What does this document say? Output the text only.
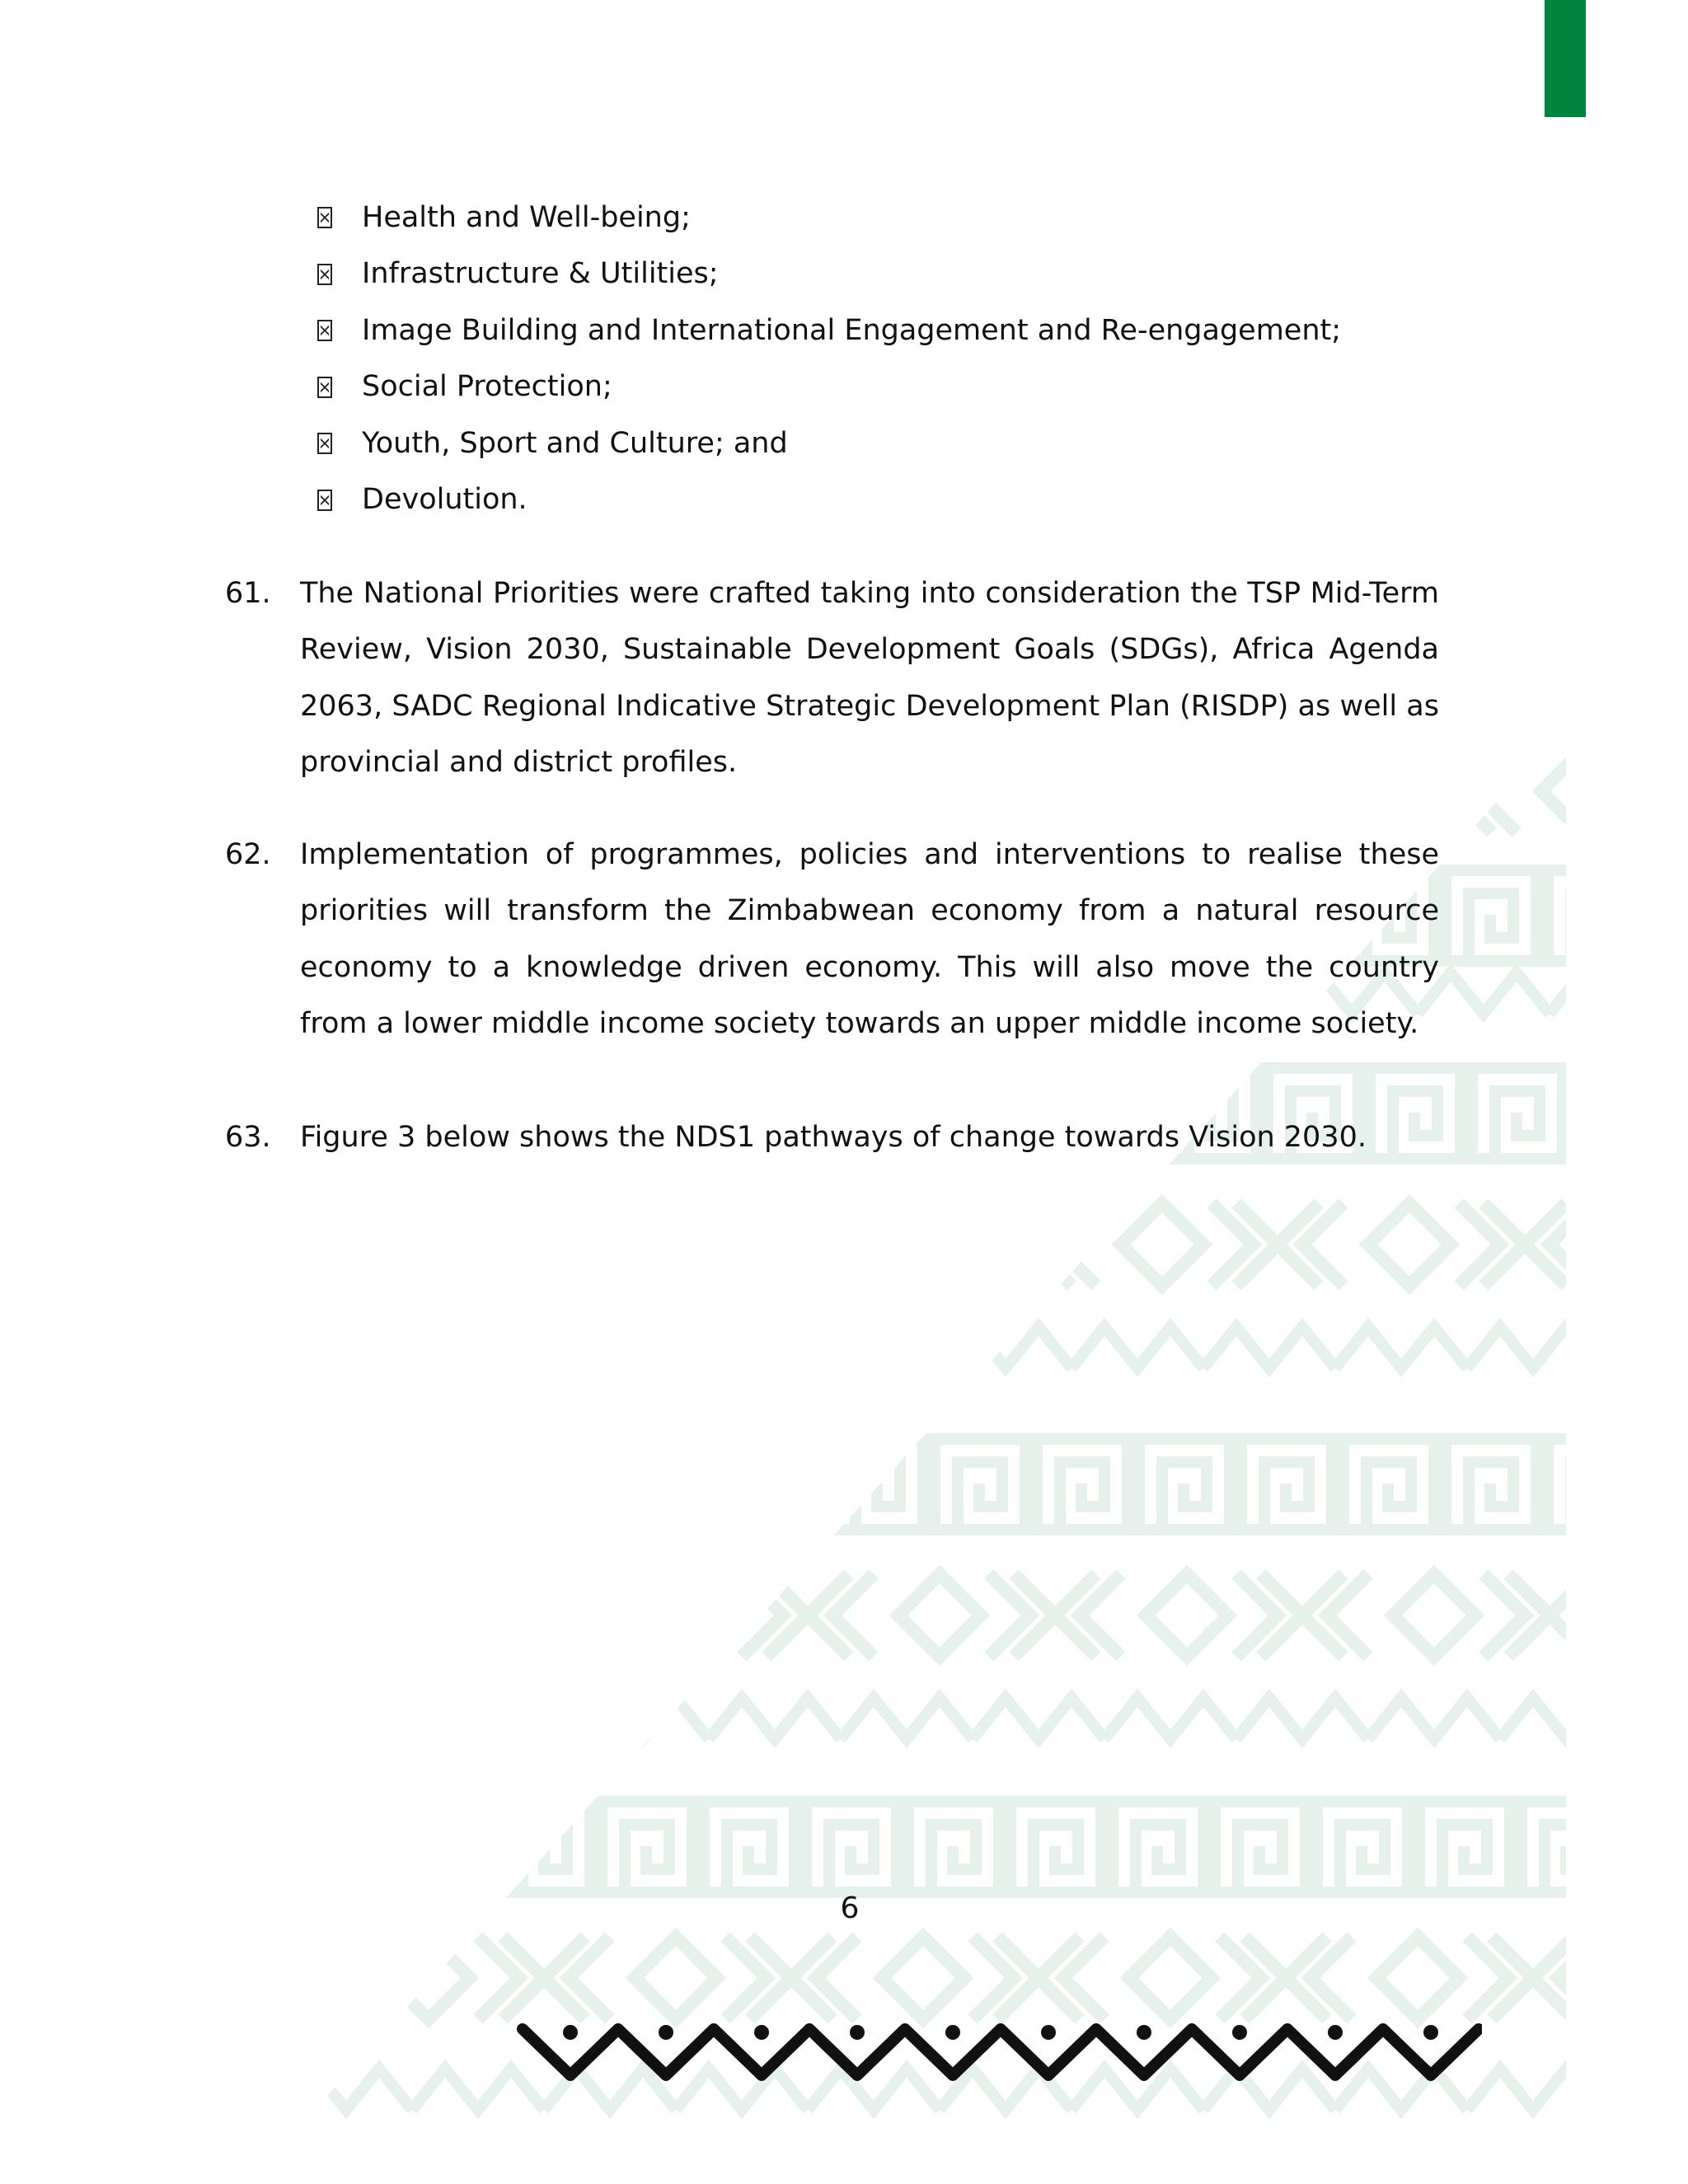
Health and Well-being;
Infrastructure & Utilities;
Image Building and International Engagement and Re-engagement;
Social Protection;
Youth, Sport and Culture; and
Devolution.
61. The National Priorities were crafted taking into consideration the TSP Mid-Term Review, Vision 2030, Sustainable Development Goals (SDGs), Africa Agenda 2063, SADC Regional Indicative Strategic Development Plan (RISDP) as well as provincial and district profiles.
62. Implementation of programmes, policies and interventions to realise these priorities will transform the Zimbabwean economy from a natural resource economy to a knowledge driven economy. This will also move the country from a lower middle income society towards an upper middle income society.
63. Figure 3 below shows the NDS1 pathways of change towards Vision 2030.
6
